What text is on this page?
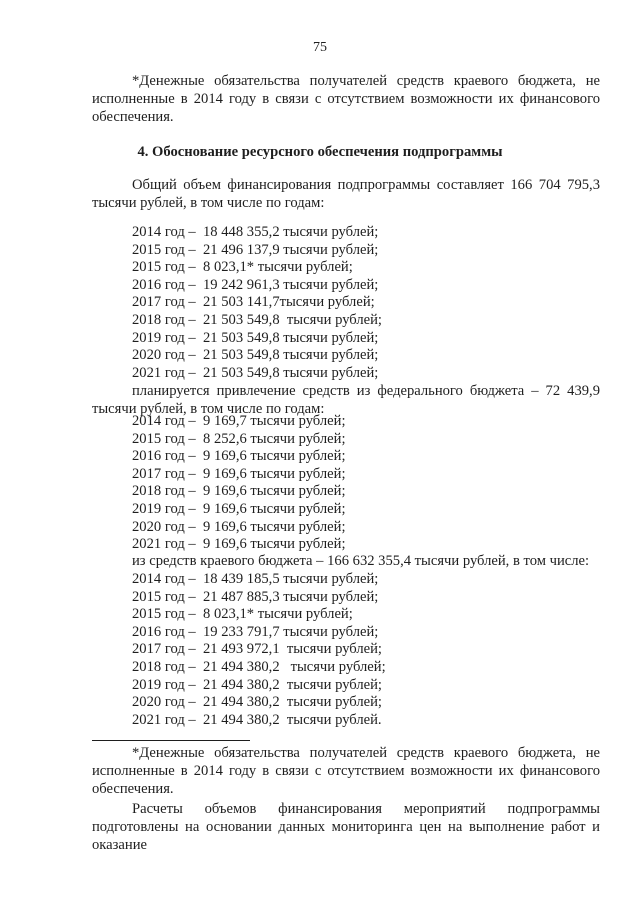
75

*Денежные обязательства получателей средств краевого бюджета, не исполненные в 2014 году в связи с отсутствием возможности их финансового обеспечения.

4. Обоснование ресурсного обеспечения подпрограммы

Общий объем финансирования подпрограммы составляет 166 704 795,3 тысячи рублей, в том числе по годам:

2014 год –  18 448 355,2 тысячи рублей;
2015 год –  21 496 137,9 тысячи рублей;
2015 год –  8 023,1* тысячи рублей;
2016 год –  19 242 961,3 тысячи рублей;
2017 год –  21 503 141,7тысячи рублей;
2018 год –  21 503 549,8  тысячи рублей;
2019 год –  21 503 549,8 тысячи рублей;
2020 год –  21 503 549,8 тысячи рублей;
2021 год –  21 503 549,8 тысячи рублей;

планируется привлечение средств из федерального бюджета – 72 439,9 тысячи рублей, в том числе по годам:

2014 год –  9 169,7 тысячи рублей;
2015 год –  8 252,6 тысячи рублей;
2016 год –  9 169,6 тысячи рублей;
2017 год –  9 169,6 тысячи рублей;
2018 год –  9 169,6 тысячи рублей;
2019 год –  9 169,6 тысячи рублей;
2020 год –  9 169,6 тысячи рублей;
2021 год –  9 169,6 тысячи рублей;
из средств краевого бюджета – 166 632 355,4 тысячи рублей, в том числе:
2014 год –  18 439 185,5 тысячи рублей;
2015 год –  21 487 885,3 тысячи рублей;
2015 год –  8 023,1* тысячи рублей;
2016 год –  19 233 791,7 тысячи рублей;
2017 год –  21 493 972,1  тысячи рублей;
2018 год –  21 494 380,2   тысячи рублей;
2019 год –  21 494 380,2  тысячи рублей;
2020 год –  21 494 380,2  тысячи рублей;
2021 год –  21 494 380,2  тысячи рублей.

*Денежные обязательства получателей средств краевого бюджета, не исполненные в 2014 году в связи с отсутствием возможности их финансового обеспечения.

Расчеты объемов финансирования мероприятий подпрограммы подготовлены на основании данных мониторинга цен на выполнение работ и оказание
